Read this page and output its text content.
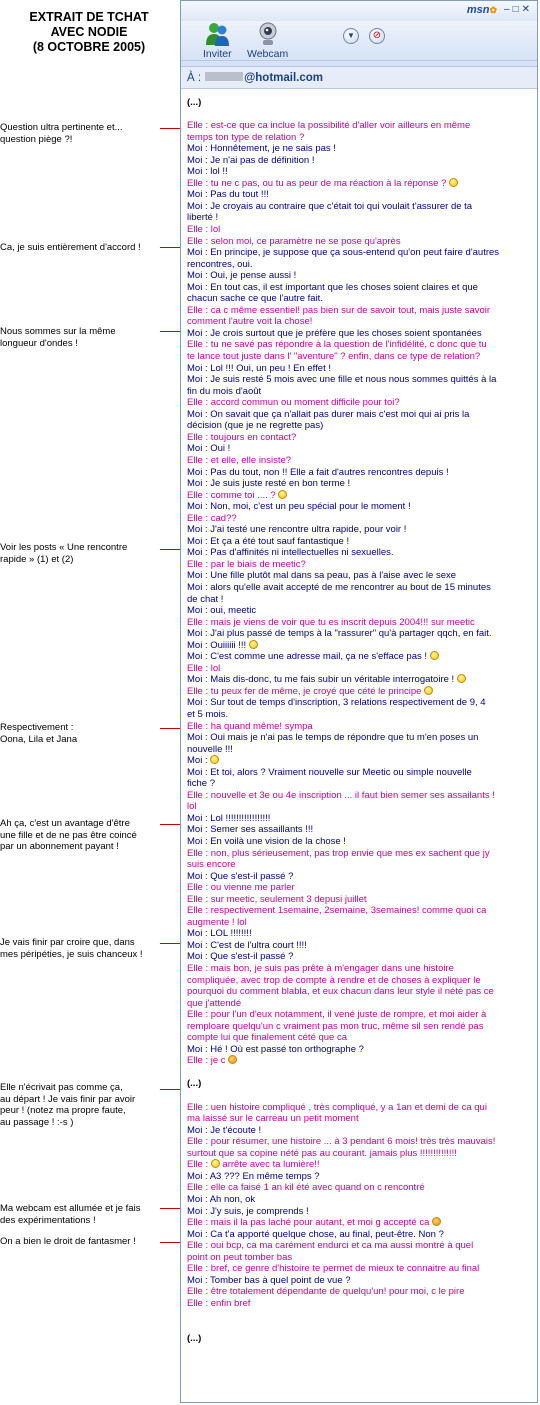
EXTRAIT DE TCHAT
AVEC NODIE
(8 OCTOBRE 2005)
Question ultra pertinente et...
question piège ?!
Ca, je suis entièrement d'accord !
Nous sommes sur la même
longueur d'ondes !
Voir les posts « Une rencontre
rapide » (1) et (2)
Respectivement :
Oona, Lila et Jana
Ah ça, c'est un avantage d'être
une fille et de ne pas être coincé
par un abonnement payant !
Je vais finir par croire que, dans
mes péripéties, je suis chanceux !
Elle n'écrivait pas comme ça,
au départ ! Je vais finir par avoir
peur ! (notez ma propre faute,
au passage ! :-s )
Ma webcam est allumée et je fais
des expérimentations !
On a bien le droit de fantasmer !
msn✿ –□✕
Inviter Webcam
▼	⊘
À :	@hotmail.com
(...)

Elle : est-ce que ca inclue la possibilité d'aller voir ailleurs en même
temps ton type de relation ?
Moi : Honnêtement, je ne sais pas !
Moi : Je n'ai pas de définition !
Moi : lol !!
Elle : tu ne c pas, ou tu as peur de ma réaction à la réponse ?
Moi : Pas du tout !!!
Moi : Je croyais au contraire que c'était toi qui voulait t'assurer de ta
liberté !
Elle : lol
Elle : selon moi, ce paramètre ne se pose qu'après
Moi : En principe, je suppose que ça sous-entend qu'on peut faire d'autres
rencontres, oui.
Moi : Oui, je pense aussi !
Moi : En tout cas, il est important que les choses soient claires et que
chacun sache ce que l'autre fait.
Elle : ca c même essentiel! pas bien sur de savoir tout, mais juste savoir
comment l'autre voit la chose!
Moi : Je crois surtout que je préfère que les choses soient spontanées
Elle : tu ne savé pas répondre à la question de l'infidélité, c donc que tu
te lance tout juste dans l' "aventure" ? enfin, dans ce type de relation?
Moi : Lol !!! Oui, un peu ! En effet !
Moi : Je suis resté 5 mois avec une fille et nous nous sommes quittés à la
fin du mois d'août
Elle : accord commun ou moment difficile pour toi?
Moi : On savait que ça n'allait pas durer mais c'est moi qui ai pris la
décision (que je ne regrette pas)
Elle : toujours en contact?
Moi : Oui !
Elle : et elle, elle insiste?
Moi : Pas du tout, non !! Elle a fait d'autres rencontres depuis !
Moi : Je suis juste resté en bon terme !
Elle : comme toi .... ?
Moi : Non, moi, c'est un peu spécial pour le moment !
Elle : cad??
Moi : J'ai testé une rencontre ultra rapide, pour voir !
Moi : Et ça a été tout sauf fantastique !
Moi : Pas d'affinités ni intellectuelles ni sexuelles.
Elle : par le biais de meetic?
Moi : Une fille plutôt mal dans sa peau, pas à l'aise avec le sexe
Moi : alors qu'elle avait accepté de me rencontrer au bout de 15 minutes
de chat !
Moi : oui, meetic
Elle : mais je viens de voir que tu es inscrit depuis 2004!!! sur meetic
Moi : J'ai plus passé de temps à la "rassurer" qu'à partager qqch, en fait.
Moi : Ouiiiiii !!!
Moi : C'est comme une adresse mail, ça ne s'efface pas !
Elle : lol
Moi : Mais dis-donc, tu me fais subir un véritable interrogatoire !
Elle : tu peux fer de même, je croyé que cété le principe
Moi : Sur tout de temps d'inscription, 3 relations respectivement de 9, 4
et 5 mois.
Elle : ha quand même! sympa
Moi : Oui mais je n'ai pas le temps de répondre que tu m'en poses un
nouvelle !!!
Moi :
Moi : Et toi, alors ? Vraiment nouvelle sur Meetic ou simple nouvelle
fiche ?
Elle : nouvelle et 3e ou 4e inscription ... il faut bien semer ses assailants !
lol
Moi : Lol !!!!!!!!!!!!!!!!!
Moi : Semer ses assaillants !!!
Moi : En voilà une vision de la chose !
Elle : non, plus sérieusement, pas trop envie que mes ex sachent que jy
suis encore
Moi : Que s'est-il passé ?
Elle : ou vienne me parler
Elle : sur meetic, seulement 3 depusi juillet
Elle : respectivement 1semaine, 2semaine, 3semaines! comme quoi ca
augmente ! lol
Moi : LOL !!!!!!!!
Moi : C'est de l'ultra court !!!!
Moi : Que s'est-il passé ?
Elle : mais bon, je suis pas prête à m'engager dans une histoire
compliquée, avec trop de compte à rendre et de choses à expliquer le
pourquoi du comment blabla, et eux chacun dans leur style il nété pas ce
que j'attendé
Elle : pour l'un d'eux notamment, il vené juste de rompre, et moi aider à
remploare quelqu'un c vraiment pas mon truc, même sil sen rendé pas
compte lui que finalement cété que ca
Moi : Hé ! Où est passé ton orthographe ?
Elle : je c

(...)

Elle : uen histoire compliqué , très compliqué, y a 1an et demi de ca qui
ma laissé sur le carreau un petit moment
Moi : Je t'écoute !
Elle : pour résumer, une histoire ... à 3 pendant 6 mois! très très mauvais!
surtout que sa copine nété pas au courant. jamais plus !!!!!!!!!!!!!!
Elle :  arrête avec ta lumière!!
Moi : A3 ??? En même temps ?
Elle : elle ca faisé 1 an kil été avec quand on c rencontré
Moi : Ah non, ok
Moi : J'y suis, je comprends !
Elle : mais il la pas laché pour autant, et moi g accepté ca
Moi : Ca t'a apporté quelque chose, au final, peut-être. Non ?
Elle : oui bcp, ca ma carément endurci et ca ma aussi montré à quel
point on peut tomber bas
Elle : bref, ce genre d'histoire te permet de mieux te connaitre au final
Moi : Tomber bas à quel point de vue ?
Elle : être totalement dépendante de quelqu'un! pour moi, c le pire
Elle : enfin bref

(...)
